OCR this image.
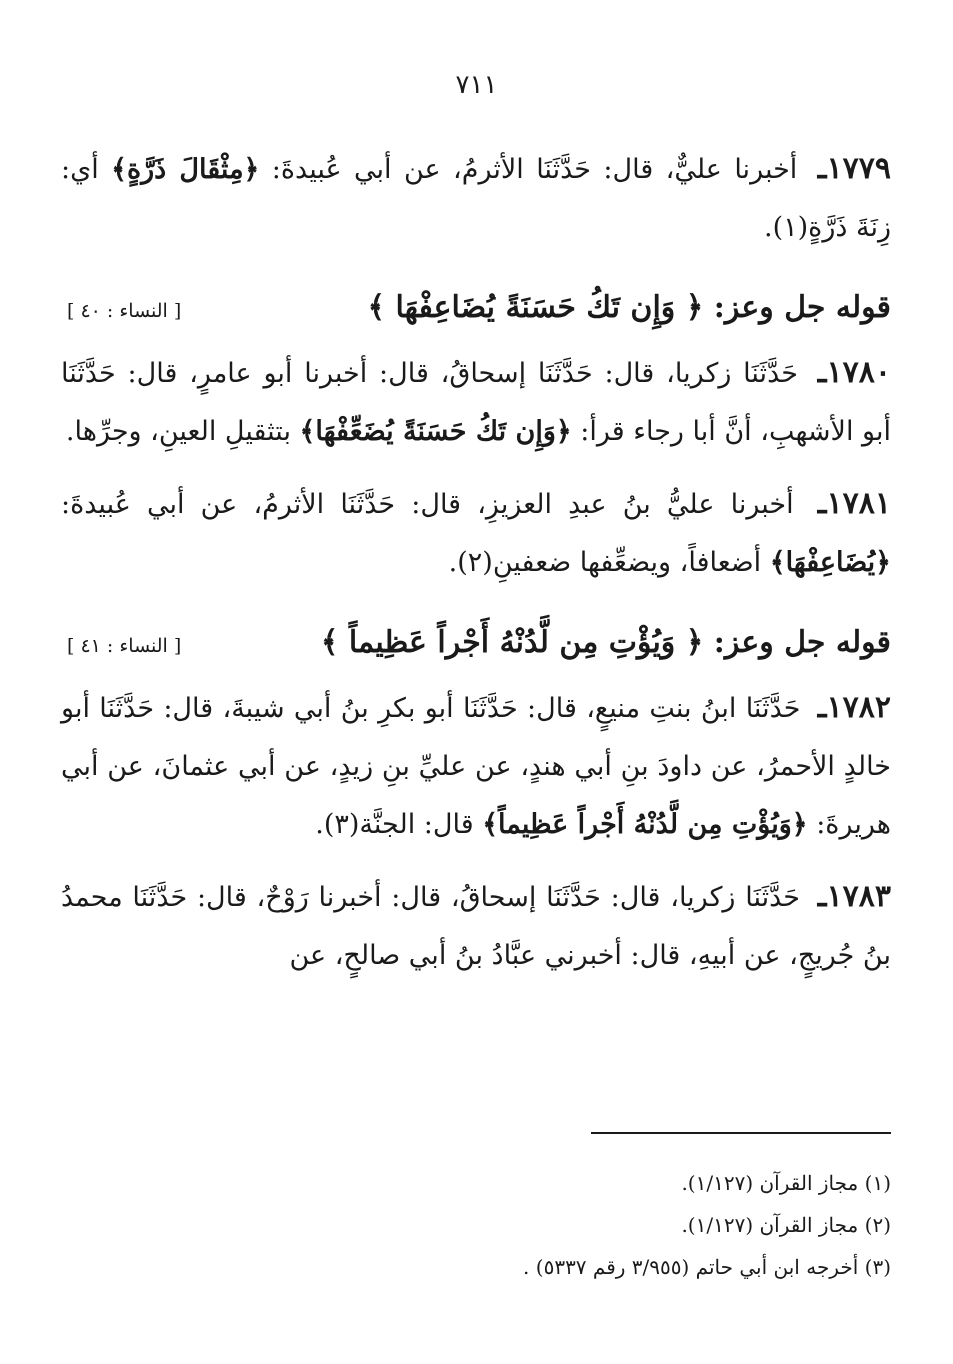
٧١١

١٧٧٩ـ أخبرنا عليٌّ، قال: حَدَّثَنَا الأثرمُ، عن أبي عُبيدةَ: ﴿مِثْقَالَ ذَرَّةٍ﴾ أي: زِنَةَ ذَرَّةٍ(١).

قوله جل وعز: ﴿ وَإِن تَكُ حَسَنَةً يُضَاعِفْهَا ﴾
[ النساء : ٤٠ ]

١٧٨٠ـ حَدَّثَنَا زكريا، قال: حَدَّثَنَا إسحاقُ، قال: أخبرنا أبو عامرٍ، قال: حَدَّثَنَا أبو الأشهبِ، أنَّ أبا رجاء قرأ: ﴿وَإِن تَكُ حَسَنَةً يُضَعِّفْهَا﴾ بتثقيلِ العينِ، وجرِّها.

١٧٨١ـ أخبرنا عليُّ بنُ عبدِ العزيزِ، قال: حَدَّثَنَا الأثرمُ، عن أبي عُبيدةَ: ﴿يُضَاعِفْهَا﴾ أضعافاً، ويضعِّفها ضعفينِ(٢).

قوله جل وعز: ﴿ وَيُؤْتِ مِن لَّدُنْهُ أَجْراً عَظِيماً ﴾
[ النساء : ٤١ ]

١٧٨٢ـ حَدَّثَنَا ابنُ بنتِ منيعٍ، قال: حَدَّثَنَا أبو بكرِ بنُ أبي شيبةَ، قال: حَدَّثَنَا أبو خالدٍ الأحمرُ، عن داودَ بنِ أبي هندٍ، عن عليِّ بنِ زيدٍ، عن أبي عثمانَ، عن أبي هريرةَ: ﴿وَيُؤْتِ مِن لَّدُنْهُ أَجْراً عَظِيماً﴾ قال: الجنَّة(٣).

١٧٨٣ـ حَدَّثَنَا زكريا، قال: حَدَّثَنَا إسحاقُ، قال: أخبرنا رَوْحٌ، قال: حَدَّثَنَا محمدُ بنُ جُريجٍ، عن أبيهِ، قال: أخبرني عبَّادُ بنُ أبي صالحٍ، عن

(١) مجاز القرآن (١/١٢٧).

(٢) مجاز القرآن (١/١٢٧).

(٣) أخرجه ابن أبي حاتم (٣/٩٥٥ رقم ٥٣٣٧) .
